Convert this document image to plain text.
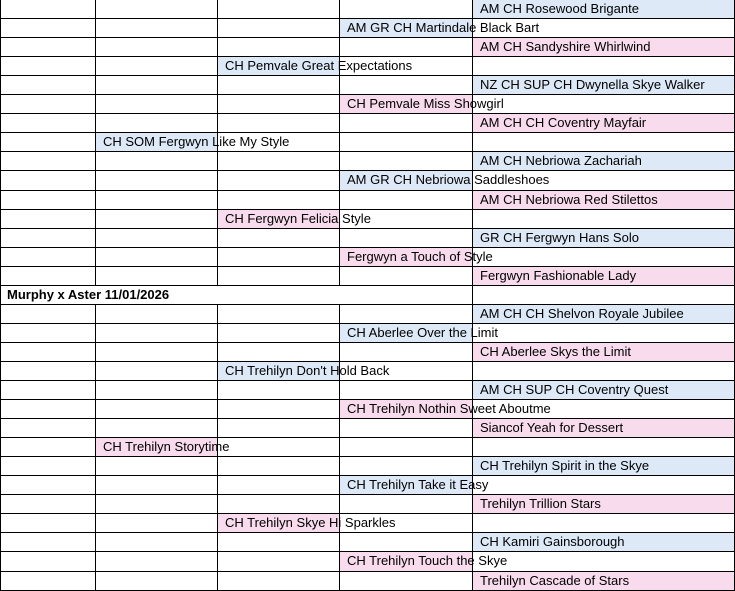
AM CH Rosewood Brigante
AM GR CH Martindale Black Bart
AM CH Sandyshire Whirlwind
CH Pemvale Great Expectations
NZ CH SUP CH Dwynella Skye Walker
CH Pemvale Miss Showgirl
AM CH CH Coventry Mayfair
CH SOM Fergwyn Like My Style
AM CH Nebriowa Zachariah
AM GR CH Nebriowa Saddleshoes
AM CH Nebriowa Red Stilettos
CH Fergwyn Felicia Style
GR CH Fergwyn Hans Solo
Fergwyn a Touch of Style
Fergwyn Fashionable Lady
Murphy x Aster 11/01/2026
AM CH CH Shelvon Royale Jubilee
CH Aberlee Over the Limit
CH Aberlee Skys the Limit
CH Trehilyn Don't Hold Back
AM CH SUP CH Coventry Quest
CH Trehilyn Nothin Sweet Aboutme
Siancof Yeah for Dessert
CH Trehilyn Storytime
CH Trehilyn Spirit in the Skye
CH Trehilyn Take it Easy
Trehilyn Trillion Stars
CH Trehilyn Skye Hi Sparkles
CH Kamiri Gainsborough
CH Trehilyn Touch the Skye
Trehilyn Cascade of Stars
